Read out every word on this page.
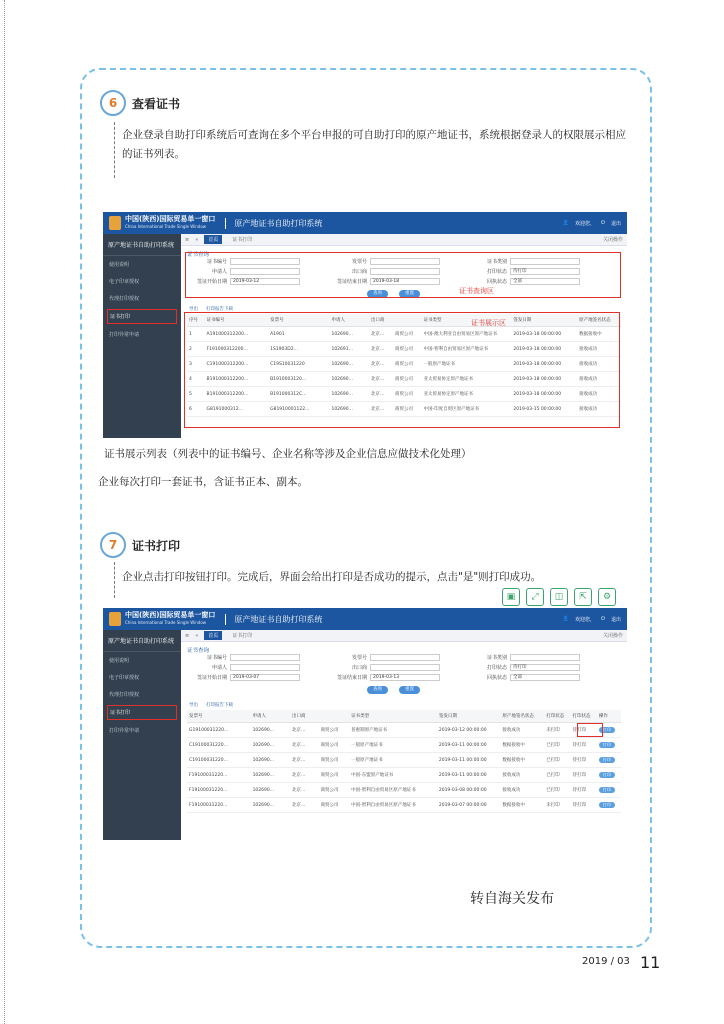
6	查看证书
企业登录自助打印系统后可查询在多个平台申报的可自助打印的原产地证书，系统根据登录人的权限展示相应的证书列表。
中国(陕西)国际贸易单一窗口
China International Trade Single Window	原产地证书自助打印系统	👤 欢迎您， ⏻ 退出
原产地证书自助打印系统
使用说明
电子印章授权
代理打印授权
证书打印
打印异常申请
≡ «	首页	证书打印	关闭操作
证书查询
证书编号	发票号	证书类别
申请人	出口商	打印状态	待打印
签证开始日期	2019-03-12	签证结束日期	2019-03-18	回执状态	全部
查询	重置	证书查询区
导出 打印报告下载
序号	证书编号	发票号	申请人	出口商		证书类型	签发日期	原产地签名状态
1	A191000312200...	A1901	102690...	北京...	商贸公司	中国-澳大利亚自由贸易区原产地证书	2019-03-18 00:00:00	数据接收中
2	F191000312200...	1S1903D2...	102691...	北京...	商贸公司	中国-智利自由贸易区原产地证书	2019-03-18 00:00:00	接收成功
3	C191000312200...	C19S10031220	102690...	北京...	商贸公司	一般原产地证书	2019-03-18 00:00:00	接收成功
4	B191000312200...	B1910003120...	102690...	北京...	商贸公司	亚太贸易协定原产地证书	2019-03-18 00:00:00	接收成功
5	B191000312200...	B191000312C...	102690...	北京...	商贸公司	亚太贸易协定原产地证书	2019-03-18 00:00:00	接收成功
6	G8191000312...	G81910001122...	102690...	北京...	商贸公司	中国-印度自贸区原产地证书	2019-03-15 00:00:00	接收成功
证书展示区
证书展示列表（列表中的证书编号、企业名称等涉及企业信息应做技术化处理）
企业每次打印一套证书，含证书正本、副本。
7	证书打印
企业点击打印按钮打印。完成后，界面会给出打印是否成功的提示，点击"是"则打印成功。
▣	⤢	◫	⇱	⚙
中国(陕西)国际贸易单一窗口
China International Trade Single Window	原产地证书自助打印系统	👤 欢迎您， ⏻ 退出
原产地证书自助打印系统
使用说明
电子印章授权
代理打印授权
证书打印
打印异常申请
≡ «	首页	证书打印	关闭操作
证书查询
证书编号	发票号	证书类别
申请人	出口商	打印状态	待打印
签证开始日期	2019-03-07	签证结束日期	2019-03-13	回执状态	全部
查询	重置
导出 打印报告下载
发票号	申请人	出口商		证书类型	签发日期	原产地签名状态	打印状态	打印状态	操作
G19100031220...	102690...	北京...	商贸公司	普惠制原产地证书	2019-03-12 00:00:00	接收成功	未打印	待打印	打印
C19100031220...	102690...	北京...	商贸公司	一般原产地证书	2019-03-11 00:00:00	数据接收中	已打印	待打印	打印
C19100031220...	102690...	北京...	商贸公司	一般原产地证书	2019-03-11 00:00:00	数据接收中	已打印	待打印	打印
F19100031220...	102690...	北京...	商贸公司	中国-东盟原产地证书	2019-03-11 00:00:00	接收成功	已打印	待打印	打印
F19100031220...	102690...	北京...	商贸公司	中国-智利自由贸易区原产地证书	2019-03-08 00:00:00	接收成功	已打印	待打印	打印
F19100031220...	102690...	北京...	商贸公司	中国-智利自由贸易区原产地证书	2019-03-07 00:00:00	数据接收中	未打印	待打印	打印
转自海关发布
2019 / 03 11
